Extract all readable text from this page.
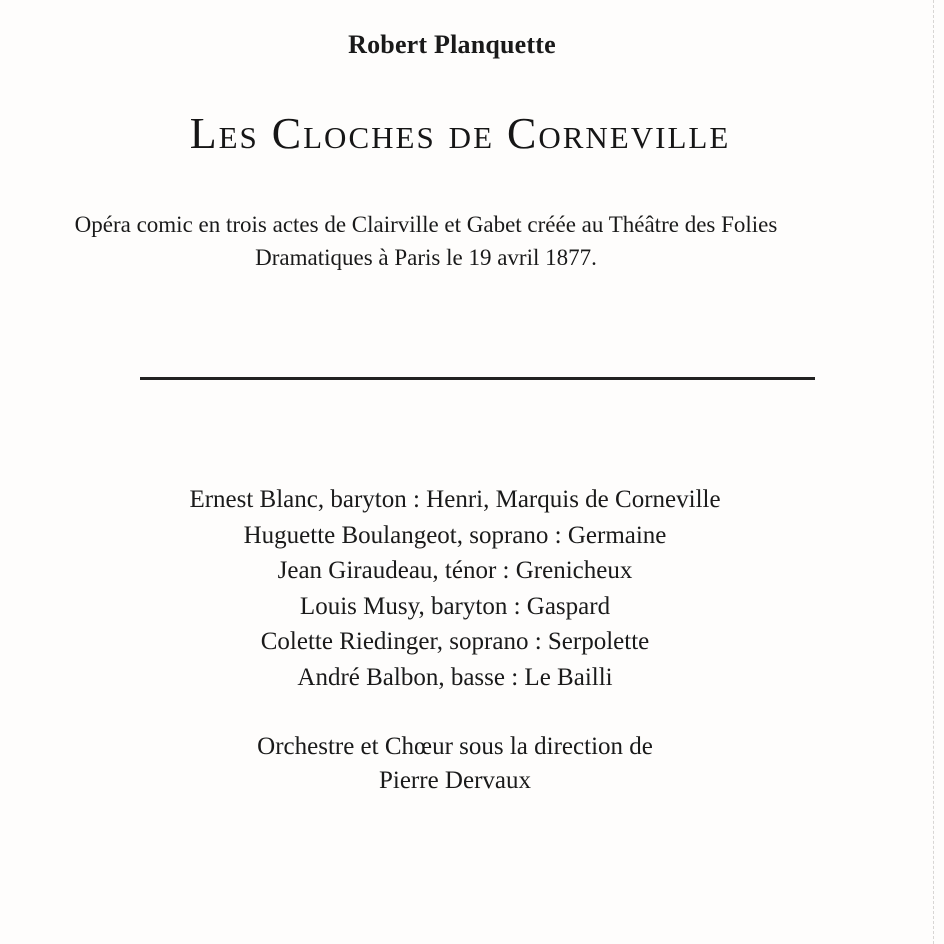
Robert Planquette
Les Cloches de Corneville
Opéra comic en trois actes de Clairville et Gabet créée au Théâtre des Folies
Dramatiques à Paris le 19 avril 1877.
Ernest Blanc, baryton : Henri, Marquis de Corneville
Huguette Boulangeot, soprano : Germaine
Jean Giraudeau, ténor : Grenicheux
Louis Musy, baryton : Gaspard
Colette Riedinger, soprano : Serpolette
André Balbon, basse : Le Bailli
Orchestre et Chœur sous la direction de
Pierre Dervaux
